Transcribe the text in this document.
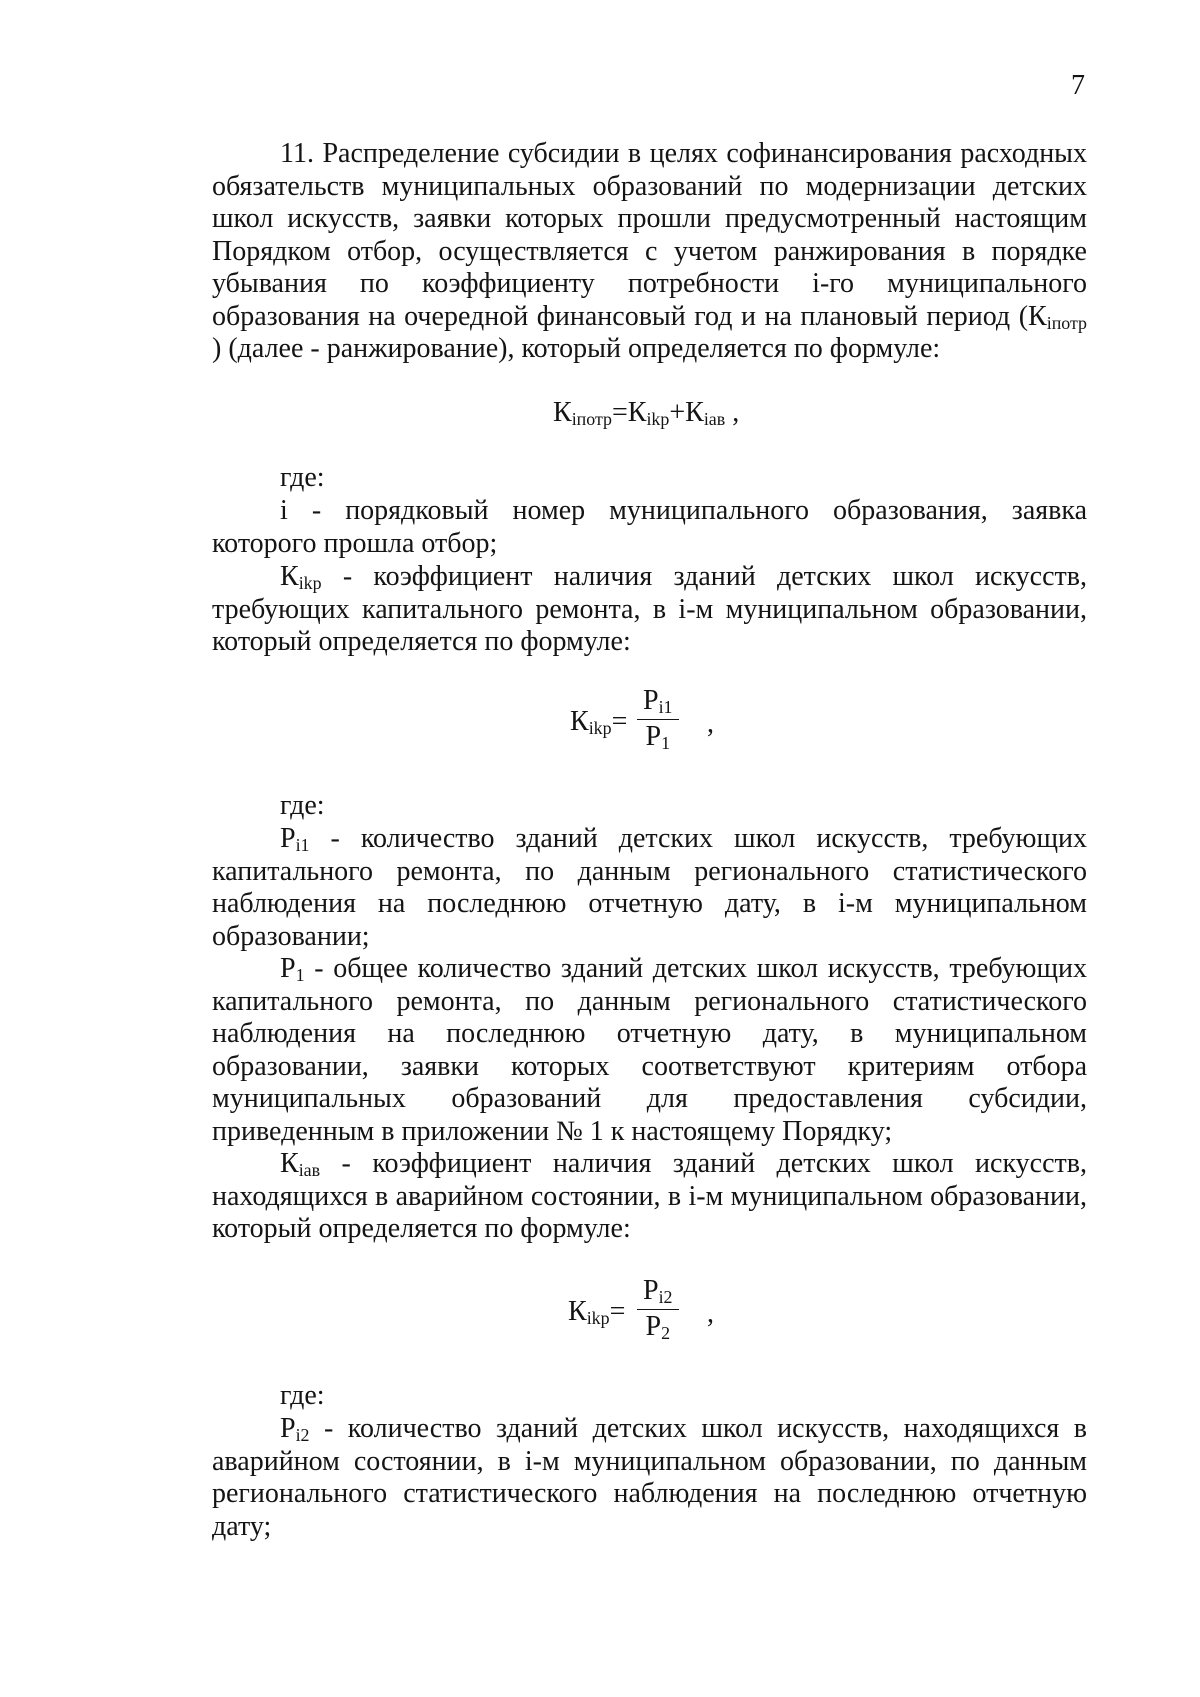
7

11. Распределение субсидии в целях софинансирования расходных обязательств муниципальных образований по модернизации детских школ искусств, заявки которых прошли предусмотренный настоящим Порядком отбор, осуществляется с учетом ранжирования в порядке убывания по коэффициенту потребности i-го муниципального образования на очередной финансовый год и на плановый период ($К_{iпотр}$ ) (далее - ранжирование), который определяется по формуле:

$К_{iпотр}=К_{ikp}+К_{iав}$ ,

где:

i - порядковый номер муниципального образования, заявка которого прошла отбор;

$К_{ikp}$ - коэффициент наличия зданий детских школ искусств, требующих капитального ремонта, в i-м муниципальном образовании, который определяется по формуле:

$К_{ikp}= \frac{P_{i1}}{P_1}$ ,

где:

$P_{i1}$ - количество зданий детских школ искусств, требующих капитального ремонта, по данным регионального статистического наблюдения на последнюю отчетную дату, в i-м муниципальном образовании;

$P_1$ - общее количество зданий детских школ искусств, требующих капитального ремонта, по данным регионального статистического наблюдения на последнюю отчетную дату, в муниципальном образовании, заявки которых соответствуют критериям отбора муниципальных образований для предоставления субсидии, приведенным в приложении № 1 к настоящему Порядку;

$К_{iав}$ - коэффициент наличия зданий детских школ искусств, находящихся в аварийном состоянии, в i-м муниципальном образовании, который определяется по формуле:

$К_{ikp}= \frac{P_{i2}}{P_2}$ ,

где:

$P_{i2}$ - количество зданий детских школ искусств, находящихся в аварийном состоянии, в i-м муниципальном образовании, по данным регионального статистического наблюдения на последнюю отчетную дату;
